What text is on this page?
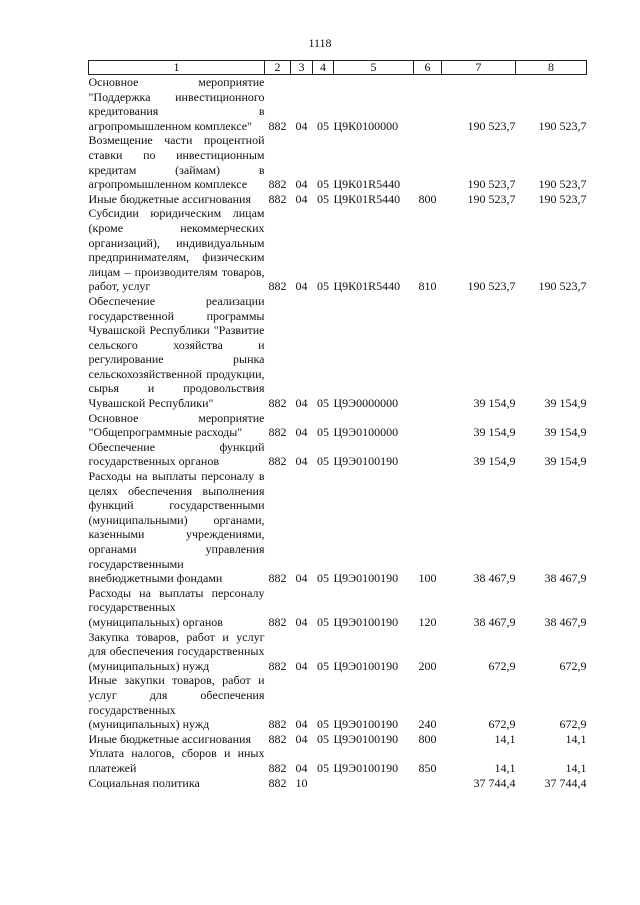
1118
1	2	3	4	5	6	7	8
Основное мероприятие "Поддержка инвестиционного кредитования в агропромышленном комплексе"	882	04	05	Ц9К0100000		190 523,7	190 523,7
Возмещение части процентной ставки по инвестиционным кредитам (займам) в агропромышленном комплексе	882	04	05	Ц9К01R5440		190 523,7	190 523,7
Иные бюджетные ассигнования	882	04	05	Ц9К01R5440	800	190 523,7	190 523,7
Субсидии юридическим лицам (кроме некоммерческих организаций), индивидуальным предпринимателям, физическим лицам – производителям товаров, работ, услуг	882	04	05	Ц9К01R5440	810	190 523,7	190 523,7
Обеспечение реализации государственной программы Чувашской Республики "Развитие сельского хозяйства и регулирование рынка сельскохозяйственной продукции, сырья и продовольствия Чувашской Республики"	882	04	05	Ц9Э0000000		39 154,9	39 154,9
Основное мероприятие "Общепрограммные расходы"	882	04	05	Ц9Э0100000		39 154,9	39 154,9
Обеспечение функций государственных органов	882	04	05	Ц9Э0100190		39 154,9	39 154,9
Расходы на выплаты персоналу в целях обеспечения выполнения функций государственными (муниципальными) органами, казенными учреждениями, органами управления государственными внебюджетными фондами	882	04	05	Ц9Э0100190	100	38 467,9	38 467,9
Расходы на выплаты персоналу государственных (муниципальных) органов	882	04	05	Ц9Э0100190	120	38 467,9	38 467,9
Закупка товаров, работ и услуг для обеспечения государственных (муниципальных) нужд	882	04	05	Ц9Э0100190	200	672,9	672,9
Иные закупки товаров, работ и услуг для обеспечения государственных (муниципальных) нужд	882	04	05	Ц9Э0100190	240	672,9	672,9
Иные бюджетные ассигнования	882	04	05	Ц9Э0100190	800	14,1	14,1
Уплата налогов, сборов и иных платежей	882	04	05	Ц9Э0100190	850	14,1	14,1
Социальная политика	882	10				37 744,4	37 744,4
